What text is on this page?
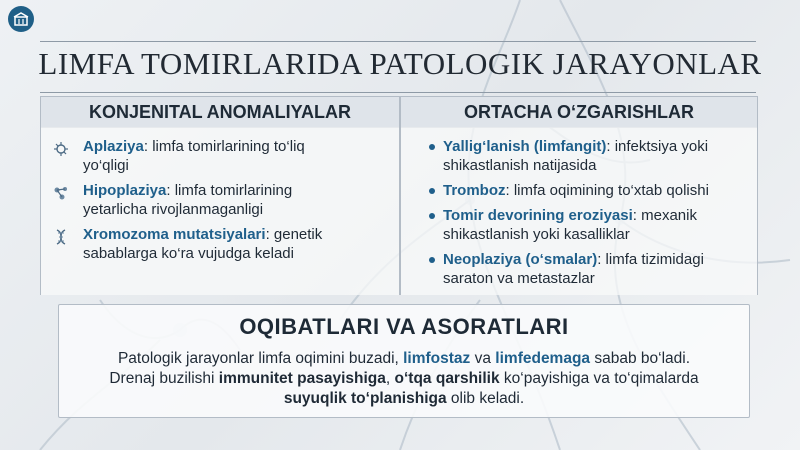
LIMFA TOMIRLARIDA PATOLOGIK JARAYONLAR
KONJENITAL ANOMALIYALAR
Aplaziya: limfa tomirlarining to‘liq
yo‘qligi
Hipoplaziya: limfa tomirlarining
yetarlicha rivojlanmaganligi
Xromozoma mutatsiyalari: genetik
sabablarga ko‘ra vujudga keladi
ORTACHA O‘ZGARISHLAR
Yallig‘lanish (limfangit): infektsiya yoki
shikastlanish natijasida
Tromboz: limfa oqimining to‘xtab qolishi
Tomir devorining eroziyasi: mexanik
shikastlanish yoki kasalliklar
Neoplaziya (o‘smalar): limfa tizimidagi
saraton va metastazlar
OQIBATLARI VA ASORATLARI
Patologik jarayonlar limfa oqimini buzadi, limfostaz va limfedemaga sabab bo‘ladi.
Drenaj buzilishi immunitet pasayishiga, o‘tqa qarshilik ko‘payishiga va to‘qimalarda
suyuqlik to‘planishiga olib keladi.
